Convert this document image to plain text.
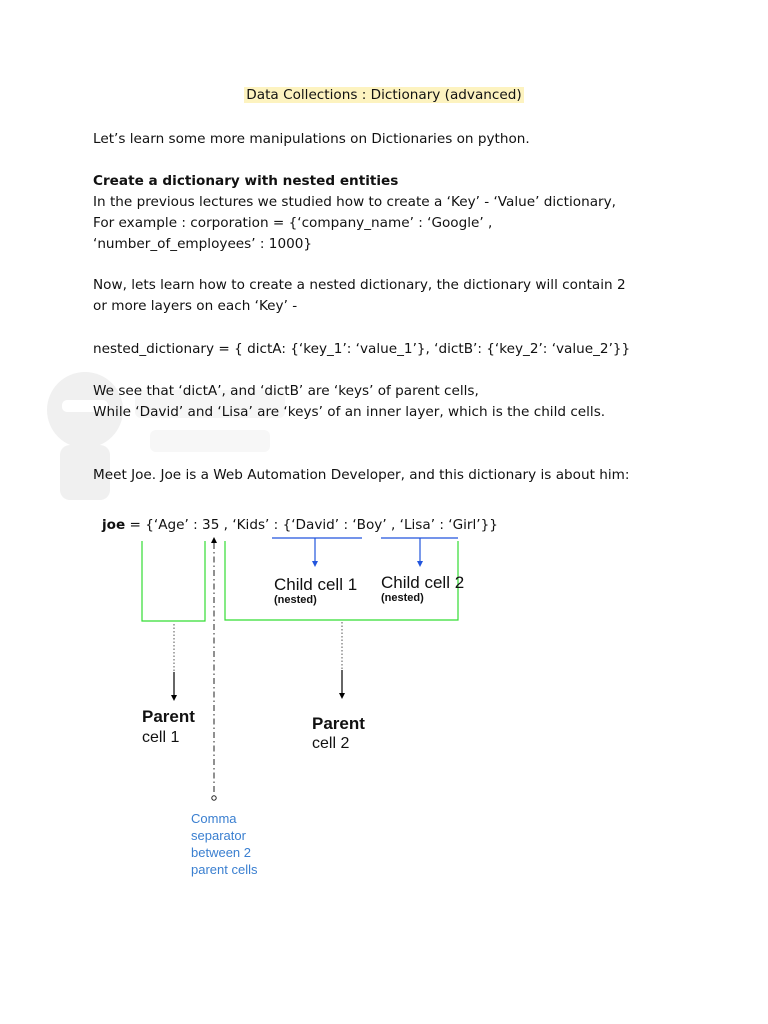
Data Collections : Dictionary (advanced)
Let’s learn some more manipulations on Dictionaries on python.
Create a dictionary with nested entities
In the previous lectures we studied how to create a ‘Key’ - ‘Value’ dictionary,
For example : corporation = {‘company_name’ : ‘Google’ ,
‘number_of_employees’ : 1000}
Now, lets learn how to create a nested dictionary, the dictionary will contain 2
or more layers on each ‘Key’ -
nested_dictionary = { dictA: {‘key_1’: ‘value_1’}, ‘dictB’: {‘key_2’: ‘value_2’}}
We see that ‘dictA’, and ‘dictB’ are ‘keys’ of parent cells,
While ‘David’ and ‘Lisa’ are ‘keys’ of an inner layer, which is the child cells.
Meet Joe. Joe is a Web Automation Developer, and this dictionary is about him:
joe = {‘Age’ : 35 , ‘Kids’ : {‘David’ : ‘Boy’ , ‘Lisa’ : ‘Girl’}}
Child cell 1
(nested)
Child cell 2
(nested)
Parent
cell 1
Parent
cell 2
Comma
separator
between 2
parent cells
